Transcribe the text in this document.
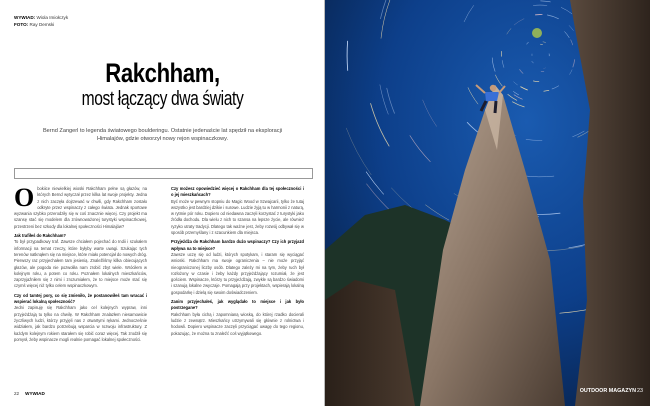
WYWIAD: Wiola Imiołczyk
FOTO: Ray Demski
Rakchham,
most łączący dwa światy
Bernd Zangerl to legenda światowego boulderingu. Ostatnie jedenaście lat spędził na eksploracji Himalajów, gdzie otworzył nowy rejon wspinaczkowy.

Obokiice niewielkiej wioski Rakchham pełne są głazów, na których Bernd wytyczał przez kilka lat swoje projekty. Jedna z nich zaczęła dojrzewać w chwili, gdy Rakchham zostało odkryte przez wspinaczy z całego świata. Jednak sportowe wyzwania szybko przerodziły się w coś znacznie więcej. Czy projekt ma szansę stać się modelem dla zrównoważonej turystyki wspinaczkowej, przestrzeni bez szkody dla lokalnej społeczności Himalajów?

Jak trafiłeś do Rakchham?
To był przypadkowy traf. Zawsze chciałem pojechać do Indii i szukałem informacji na temat rzeczy, które byłyby warte uwagi. Szukając tych terenów natknąłem się na miejsce, które miało potencjał do nowych dróg. Pierwszy raz przyjechałem tam jesienią. Znaleźliśmy kilka obiecujących głazów, ale pogoda nie pozwoliła nam zrobić zbyt wiele. Wróciłem w kolejnym roku, a potem co roku. Poznałem lokalnych mieszkańców, zaprzyjaźniłem się z nimi i zrozumiałem, że to miejsce może stać się czymś więcej niż tylko celem wspinaczkowym.

Czy od tamtej pory, co się zmieniło, że postanowiłeś tam wracać i wspierać lokalną społeczność?
Jedni zapisuję się Rakchham jako cel kolejnych wypraw, inni przyjeżdżają tu tylko na chwilę. W Rakchham znalazłem niesamowicie życzliwych ludzi, którzy przyjęli nas z otwartymi rękami. Jednocześnie widziałem, jak bardzo potrzebują wsparcia w rozwoju infrastruktury. Z każdym kolejnym rokiem starałem się robić coraz więcej. Tak zrodził się pomysł, żeby wspinacze mogli realnie pomagać lokalnej społeczności.

Czy możesz opowiedzieć więcej o Rakchham dla tej społeczności i o jej mieszkańcach?
Być może w pewnym stopniu do Magic Wood w Szwajcarii, tylko że tutaj wszystko jest bardziej dzikie i surowe. Ludzie żyją tu w harmonii z naturą, w rytmie pór roku. Dopiero od niedawna zaczęli korzystać z turystyki jako źródła dochodu. Dla wielu z nich to szansa na lepsze życie, ale również ryzyko utraty tradycji. Dlatego tak ważne jest, żeby rozwój odbywał się w sposób przemyślany i z szacunkiem dla miejsca.

Przyjeżdża do Rakchham bardzo dużo wspinaczy? Czy ich przyjazd wpływa na to miejsce?
Zawsze uczę się od ludzi, których spotykam, i staram się wyciągać wnioski. Rakchham ma swoje ograniczenia – nie może przyjąć nieograniczonej liczby osób. Dlatego zależy mi na tym, żeby ruch był rozłożony w czasie i żeby każdy przyjeżdżający rozumiał, że jest gościem. Wspinacze, którzy tu przyjeżdżają, zwykle są bardzo świadomi i szanują lokalne zwyczaje. Pomagają przy projektach, wspierają lokalną gospodarkę i dzielą się swoim doświadczeniem.

Zanim przyjechałeś, jak wyglądało to miejsce i jak było postrzegane?
Rakchham była cichą i zapomnianą wioską, do której rzadko docierali ludzie z zewnątrz. Mieszkańcy utrzymywali się głównie z rolnictwa i hodowli. Dopiero wspinacze zaczęli przyciągać uwagę do tego regionu, pokazując, że można tu znaleźć coś wyjątkowego.

22 WYWIAD	OUTDOOR MAGAZYN 23
